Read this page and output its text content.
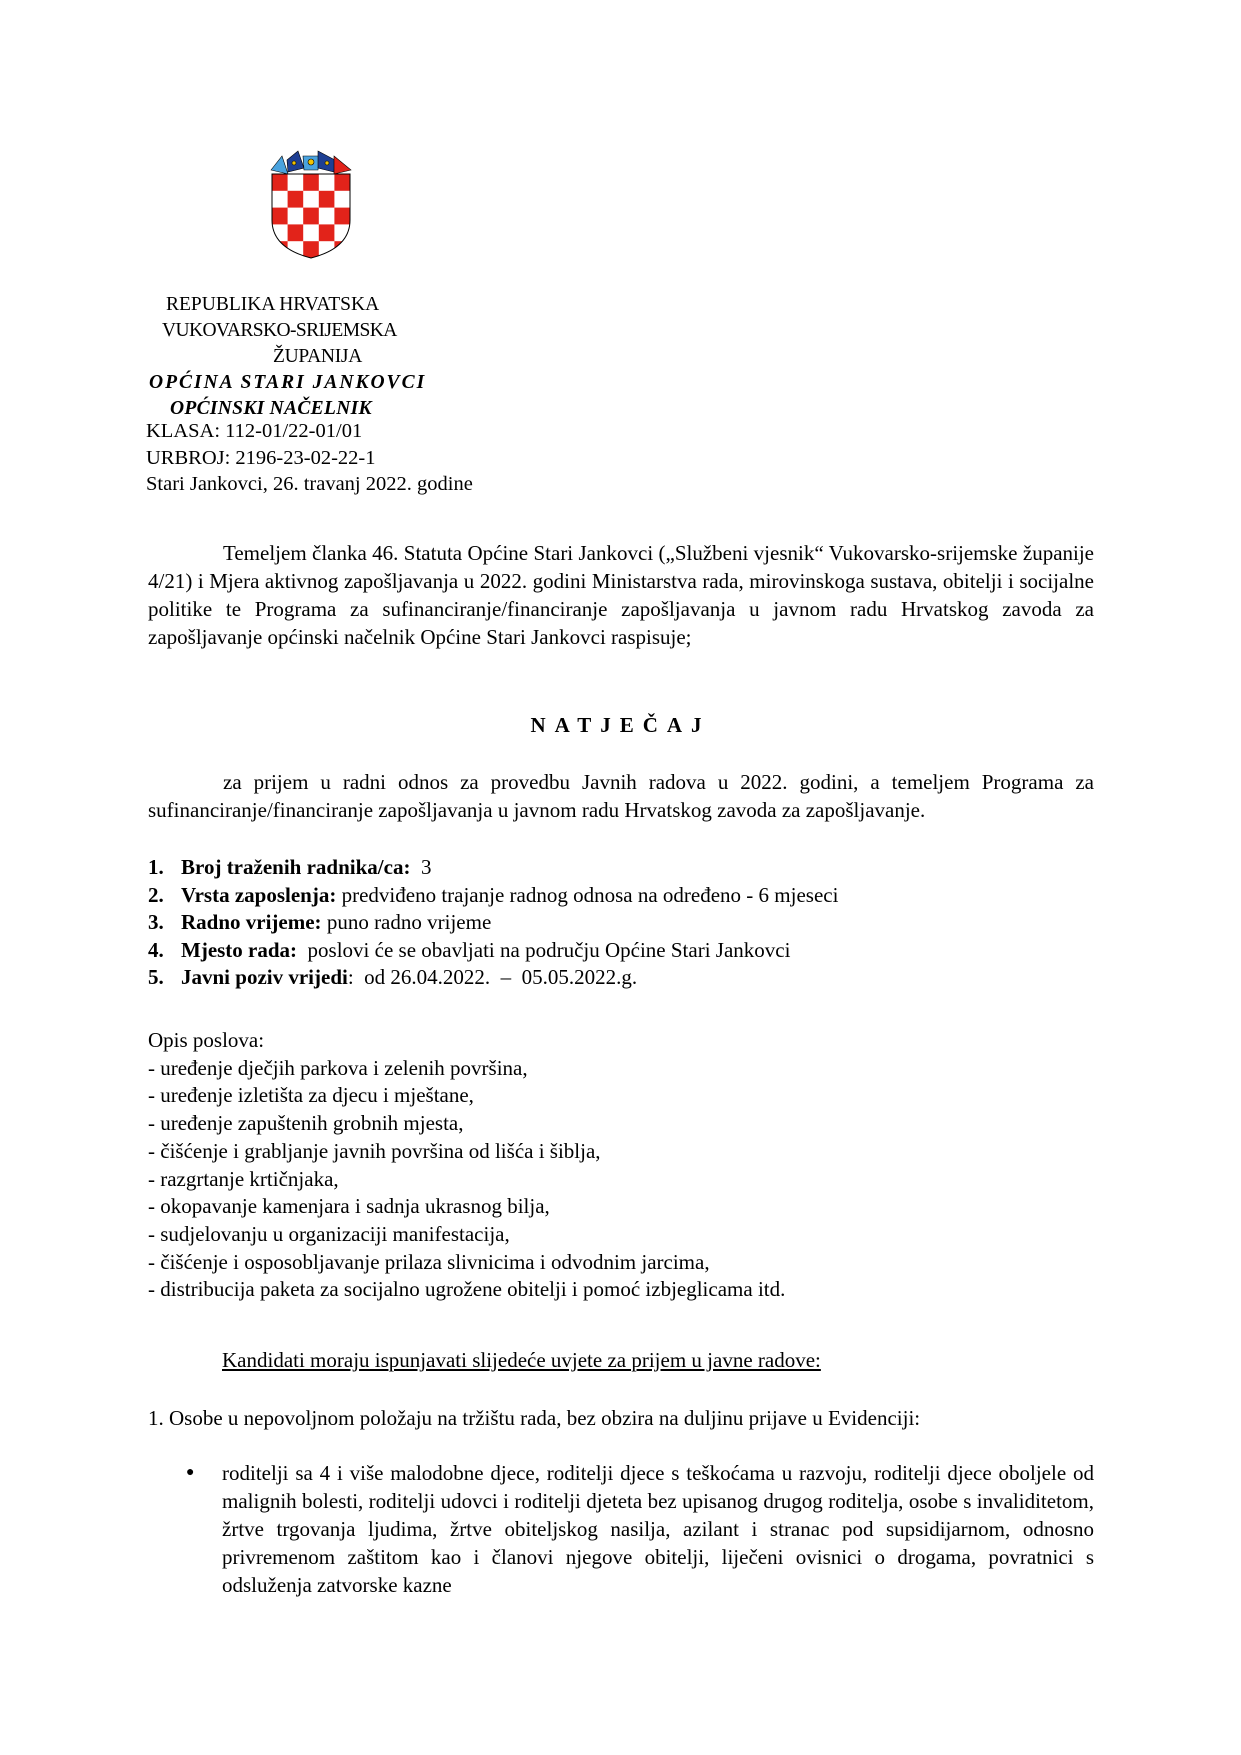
REPUBLIKA HRVATSKA
VUKOVARSKO-SRIJEMSKA
ŽUPANIJA
OPĆINA STARI JANKOVCI
OPĆINSKI NAČELNIK
KLASA: 112-01/22-01/01
URBROJ: 2196-23-02-22-1
Stari Jankovci, 26. travanj 2022. godine
Temeljem članka 46. Statuta Općine Stari Jankovci („Službeni vjesnik“ Vukovarsko-srijemske županije 4/21) i Mjera aktivnog zapošljavanja u 2022. godini Ministarstva rada, mirovinskoga sustava, obitelji i socijalne politike te Programa za sufinanciranje/financiranje zapošljavanja u javnom radu Hrvatskog zavoda za zapošljavanje općinski načelnik Općine Stari Jankovci raspisuje;
NATJEČAJ
za prijem u radni odnos za provedbu Javnih radova u 2022. godini, a temeljem Programa za sufinanciranje/financiranje zapošljavanja u javnom radu Hrvatskog zavoda za zapošljavanje.
1. Broj traženih radnika/ca:
3
2. Vrsta zaposlenja:
predviđeno trajanje radnog odnosa na određeno - 6 mjeseci
3. Radno vrijeme:
puno radno vrijeme
4. Mjesto rada:
poslovi će se obavljati na području Općine Stari Jankovci
5. Javni poziv vrijedi :  od 26.04.2022.  –  05.05.2022.g.
Opis poslova:
- uređenje dječjih parkova i zelenih površina,
- uređenje izletišta za djecu i mještane,
- uređenje zapuštenih grobnih mjesta,
- čišćenje i grabljanje javnih površina od lišća i šiblja,
- razgrtanje krtičnjaka,
- okopavanje kamenjara i sadnja ukrasnog bilja,
- sudjelovanju u organizaciji manifestacija,
- čišćenje i osposobljavanje prilaza slivnicima i odvodnim jarcima,
- distribucija paketa za socijalno ugrožene obitelji i pomoć izbjeglicama itd.
Kandidati moraju ispunjavati slijedeće uvjete za prijem u javne radove:
1. Osobe u nepovoljnom položaju na tržištu rada, bez obzira na duljinu prijave u Evidenciji:
●	roditelji sa 4 i više malodobne djece, roditelji djece s teškoćama u razvoju, roditelji djece oboljele od malignih bolesti, roditelji udovci i roditelji djeteta bez upisanog drugog roditelja, osobe s invaliditetom, žrtve trgovanja ljudima, žrtve obiteljskog nasilja, azilant i stranac pod supsidijarnom, odnosno privremenom zaštitom kao i članovi njegove obitelji, liječeni ovisnici o drogama, povratnici s odsluženja zatvorske kazne
